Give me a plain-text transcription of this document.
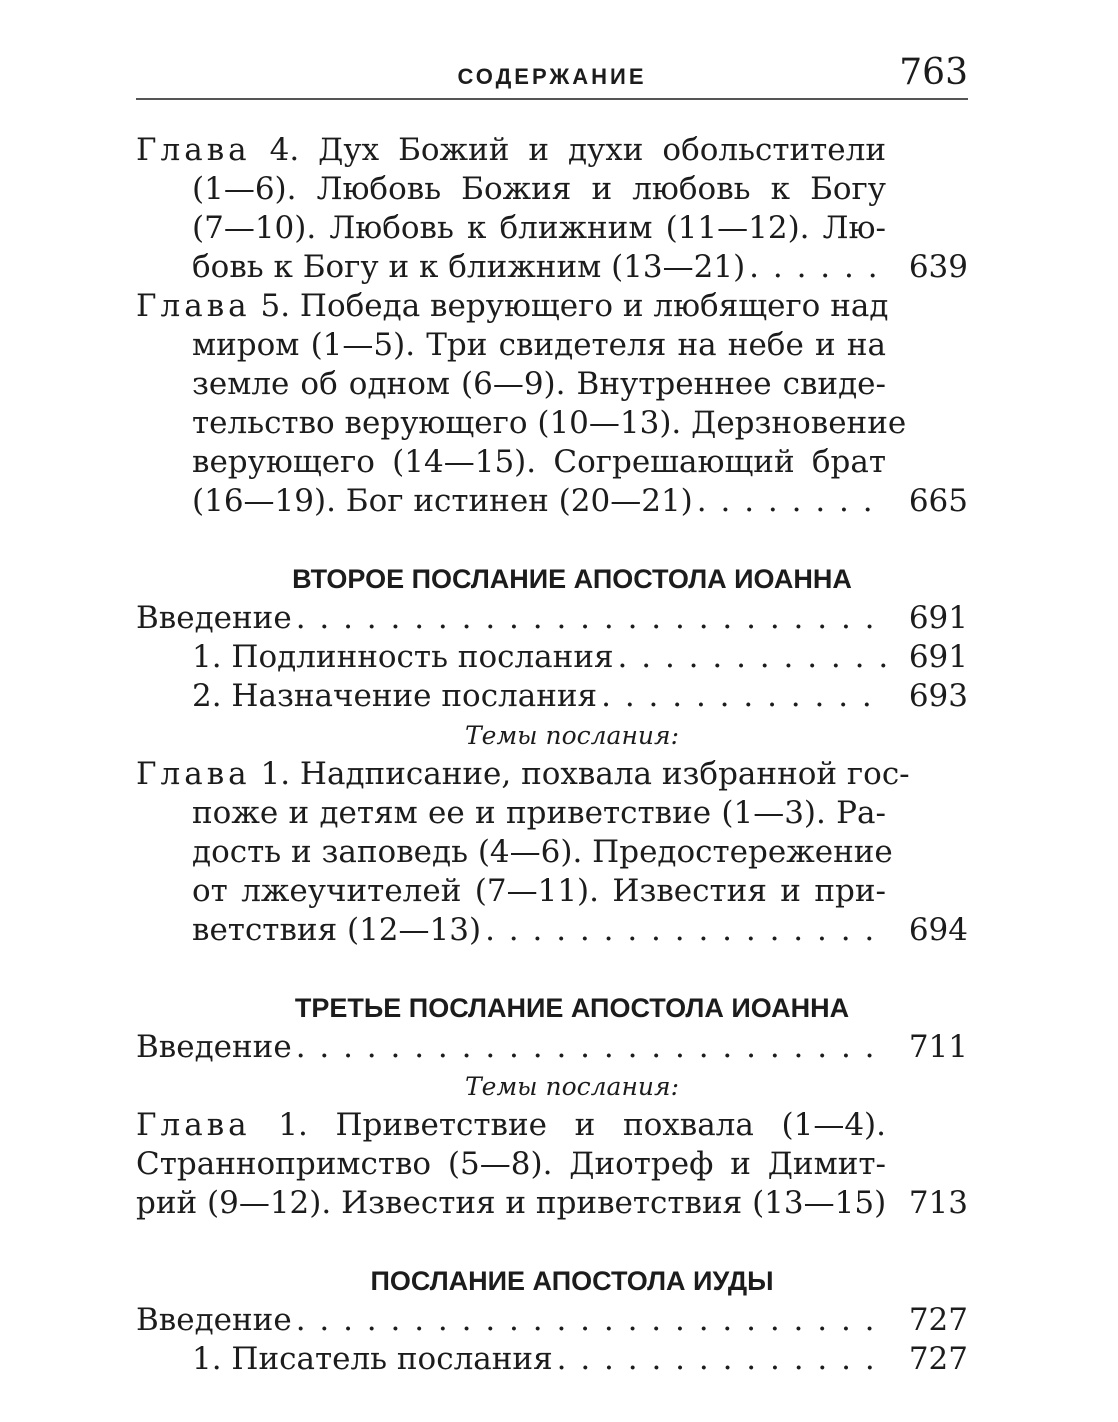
СОДЕРЖАНИЕ	763
Глава 4. Дух Божий и духи обольстители
(1—6). Любовь Божия и любовь к Богу
(7—10). Любовь к ближним (11—12). Лю-
бовь к Богу и к ближним (13—21) . . .	639
Глава 5. Победа верующего и любящего над
миром (1—5). Три свидетеля на небе и на
земле об одном (6—9). Внутреннее свиде-
тельство верующего (10—13). Дерзновение
верующего (14—15). Согрешающий брат
(16—19). Бог истинен (20—21) . . .	665
ВТОРОЕ ПОСЛАНИЕ АПОСТОЛА ИОАННА
Введение . . .	691
1. Подлинность послания . . .	691
2. Назначение послания . . .	693
Темы послания:
Глава 1. Надписание, похвала избранной гос-
поже и детям ее и приветствие (1—3). Ра-
дость и заповедь (4—6). Предостережение
от лжеучителей (7—11). Известия и при-
ветствия (12—13) . . .	694
ТРЕТЬЕ ПОСЛАНИЕ АПОСТОЛА ИОАННА
Введение . . .	711
Темы послания:
Глава 1. Приветствие и похвала (1—4).
Страннопримство (5—8). Диотреф и Димит-
рий (9—12). Известия и приветствия (13—15) 713
ПОСЛАНИЕ АПОСТОЛА ИУДЫ
Введение . . .	727
1. Писатель послания . . .	727
